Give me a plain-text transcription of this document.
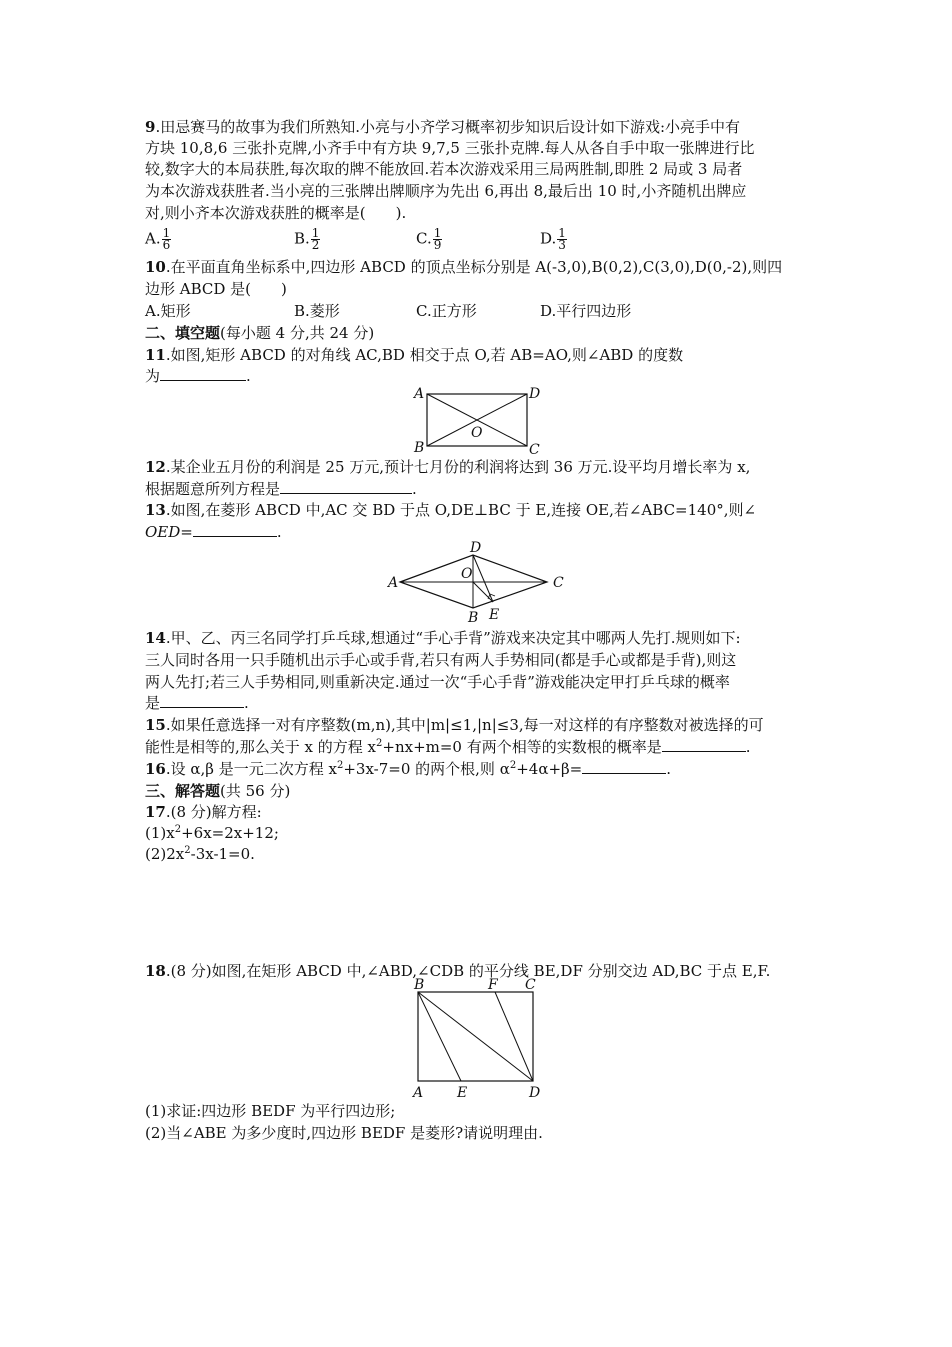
9.田忌赛马的故事为我们所熟知.小亮与小齐学习概率初步知识后设计如下游戏:小亮手中有
方块 10,8,6 三张扑克牌,小齐手中有方块 9,7,5 三张扑克牌.每人从各自手中取一张牌进行比
较,数字大的本局获胜,每次取的牌不能放回.若本次游戏采用三局两胜制,即胜 2 局或 3 局者
为本次游戏获胜者.当小亮的三张牌出牌顺序为先出 6,再出 8,最后出 10 时,小齐随机出牌应
对,则小齐本次游戏获胜的概率是(　　).
A. $\frac{1}{6}$	B. $\frac{1}{2}$	C. $\frac{1}{9}$	D. $\frac{1}{3}$
10.在平面直角坐标系中,四边形 ABCD 的顶点坐标分别是 A(-3,0),B(0,2),C(3,0),D(0,-2),则四
边形 ABCD 是(　　)
A.矩形	B.菱形	C.正方形	D.平行四边形
二、填空题(每小题 4 分,共 24 分)
11.如图,矩形 ABCD 的对角线 AC,BD 相交于点 O,若 AB=AO,则∠ABD 的度数
为	.
A	D
B	C
O
12.某企业五月份的利润是 25 万元,预计七月份的利润将达到 36 万元.设平均月增长率为 x,
根据题意所列方程是	.
13.如图,在菱形 ABCD 中,AC 交 BD 于点 O,DE⊥BC 于 E,连接 OE,若∠ABC=140°,则∠
OED=	.
D
A	C
O
B E
14.甲、乙、丙三名同学打乒乓球,想通过“手心手背”游戏来决定其中哪两人先打.规则如下:
三人同时各用一只手随机出示手心或手背,若只有两人手势相同(都是手心或都是手背),则这
两人先打;若三人手势相同,则重新决定.通过一次“手心手背”游戏能决定甲打乒乓球的概率
是	.
15.如果任意选择一对有序整数(m,n),其中|m|≤1,|n|≤3,每一对这样的有序整数对被选择的可
能性是相等的,那么关于 x 的方程 $x^2+nx+m=0$ 有两个相等的实数根的概率是	.
16.设 α,β 是一元二次方程 $x^2+3x-7=0$ 的两个根,则 $\alpha^2+4\alpha+\beta=$	.
三、解答题(共 56 分)
17.(8 分)解方程:
$(1)x^2+6x=2x+12$;
$(2)2x^2-3x-1=0$.
18.(8 分)如图,在矩形 ABCD 中,∠ABD,∠CDB 的平分线 BE,DF 分别交边 AD,BC 于点 E,F.
B	F C
A E	D
(1)求证:四边形 BEDF 为平行四边形;
(2)当∠ABE 为多少度时,四边形 BEDF 是菱形?请说明理由.
